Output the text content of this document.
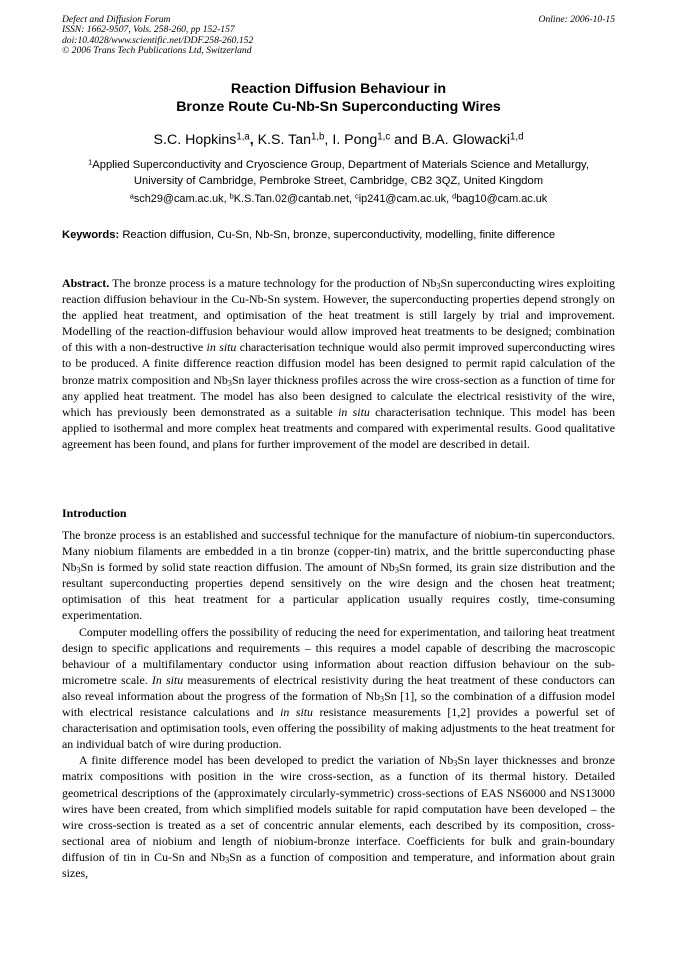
Defect and Diffusion Forum
ISSN: 1662-9507, Vols. 258-260, pp 152-157
doi:10.4028/www.scientific.net/DDF.258-260.152
© 2006 Trans Tech Publications Ltd, Switzerland
Online: 2006-10-15
Reaction Diffusion Behaviour in
Bronze Route Cu-Nb-Sn Superconducting Wires
S.C. Hopkins$^{1,a}$, K.S. Tan$^{1,b}$, I. Pong$^{1,c}$ and B.A. Glowacki$^{1,d}$
$^1$Applied Superconductivity and Cryoscience Group, Department of Materials Science and Metallurgy, University of Cambridge, Pembroke Street, Cambridge, CB2 3QZ, United Kingdom
$^a$sch29@cam.ac.uk, $^b$K.S.Tan.02@cantab.net, $^c$ip241@cam.ac.uk, $^d$bag10@cam.ac.uk
Keywords: Reaction diffusion, Cu-Sn, Nb-Sn, bronze, superconductivity, modelling, finite difference

Abstract. The bronze process is a mature technology for the production of $Nb_3Sn$ superconducting wires exploiting reaction diffusion behaviour in the Cu-Nb-Sn system. However, the superconducting properties depend strongly on the applied heat treatment, and optimisation of the heat treatment is still largely by trial and improvement. Modelling of the reaction-diffusion behaviour would allow improved heat treatments to be designed; combination of this with a non-destructive in situ characterisation technique would also permit improved superconducting wires to be produced. A finite difference reaction diffusion model has been designed to permit rapid calculation of the bronze matrix composition and $Nb_3Sn$ layer thickness profiles across the wire cross-section as a function of time for any applied heat treatment. The model has also been designed to calculate the electrical resistivity of the wire, which has previously been demonstrated as a suitable in situ characterisation technique. This model has been applied to isothermal and more complex heat treatments and compared with experimental results. Good qualitative agreement has been found, and plans for further improvement of the model are described in detail.

Introduction

The bronze process is an established and successful technique for the manufacture of niobium-tin superconductors. Many niobium filaments are embedded in a tin bronze (copper-tin) matrix, and the brittle superconducting phase $Nb_3Sn$ is formed by solid state reaction diffusion. The amount of $Nb_3Sn$ formed, its grain size distribution and the resultant superconducting properties depend sensitively on the wire design and the chosen heat treatment; optimisation of this heat treatment for a particular application usually requires costly, time-consuming experimentation.

Computer modelling offers the possibility of reducing the need for experimentation, and tailoring heat treatment design to specific applications and requirements – this requires a model capable of describing the macroscopic behaviour of a multifilamentary conductor using information about reaction diffusion behaviour on the sub-micrometre scale. In situ measurements of electrical resistivity during the heat treatment of these conductors can also reveal information about the progress of the formation of $Nb_3Sn$ [1], so the combination of a diffusion model with electrical resistance calculations and in situ resistance measurements [1,2] provides a powerful set of characterisation and optimisation tools, even offering the possibility of making adjustments to the heat treatment for an individual batch of wire during production.

A finite difference model has been developed to predict the variation of $Nb_3Sn$ layer thicknesses and bronze matrix compositions with position in the wire cross-section, as a function of its thermal history. Detailed geometrical descriptions of the (approximately circularly-symmetric) cross-sections of EAS NS6000 and NS13000 wires have been created, from which simplified models suitable for rapid computation have been developed – the wire cross-section is treated as a set of concentric annular elements, each described by its composition, cross-sectional area of niobium and length of niobium-bronze interface. Coefficients for bulk and grain-boundary diffusion of tin in Cu-Sn and $Nb_3Sn$ as a function of composition and temperature, and information about grain sizes,
